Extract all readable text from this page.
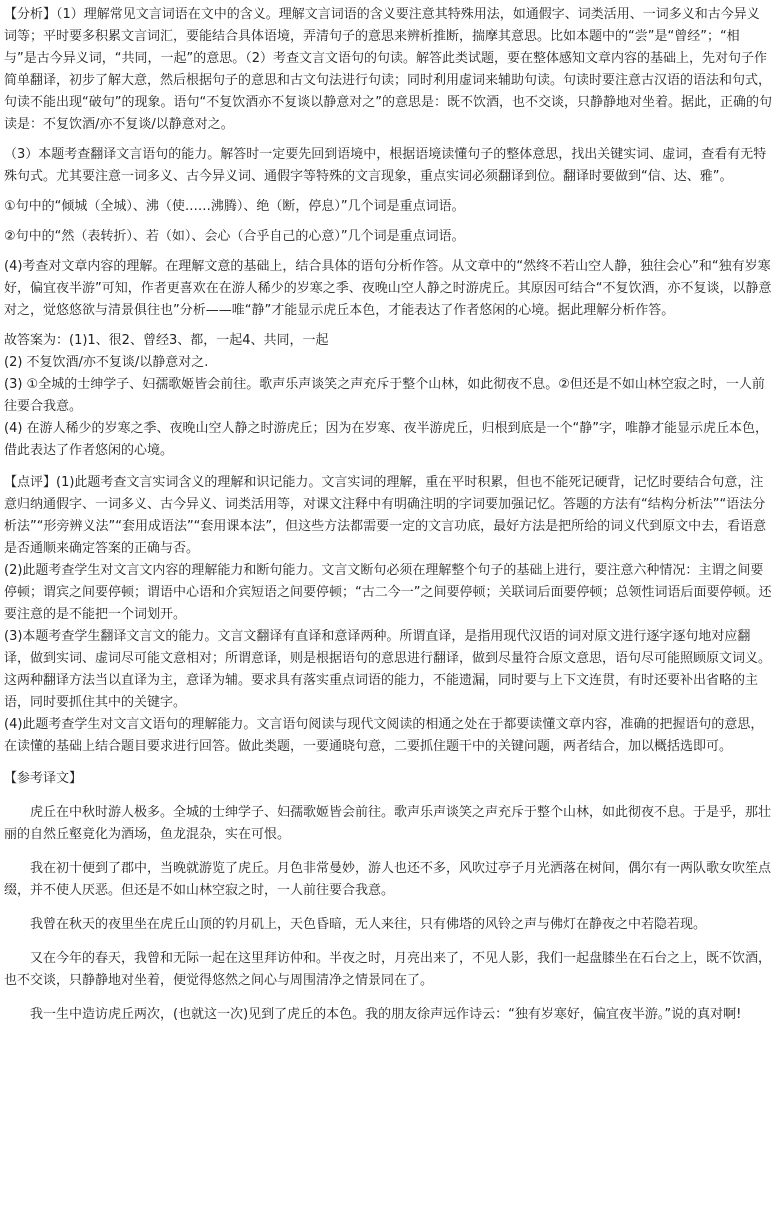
【分析】（1）理解常见文言词语在文中的含义。理解文言词语的含义要注意其特殊用法，如通假字、词类活用、一词多义和古今异义词等；平时要多积累文言词汇，要能结合具体语境，弄清句子的意思来辨析推断，揣摩其意思。比如本题中的“尝”是“曾经”；“相与”是古今异义词，“共同，一起”的意思。（2）考查文言文语句的句读。解答此类试题，要在整体感知文章内容的基础上，先对句子作简单翻译，初步了解大意，然后根据句子的意思和古文句法进行句读；同时利用虚词来辅助句读。句读时要注意古汉语的语法和句式，句读不能出现“破句”的现象。语句“不复饮酒亦不复谈以静意对之”的意思是：既不饮酒，也不交谈，只静静地对坐着。据此，正确的句读是：不复饮酒/亦不复谈/以静意对之。

（3）本题考查翻译文言语句的能力。解答时一定要先回到语境中，根据语境读懂句子的整体意思，找出关键实词、虚词，查看有无特殊句式。尤其要注意一词多义、古今异义词、通假字等特殊的文言现象，重点实词必须翻译到位。翻译时要做到“信、达、雅”。

①句中的“倾城（全城）、沸（使……沸腾）、绝（断，停息）”几个词是重点词语。

②句中的“然（表转折）、若（如）、会心（合乎自己的心意）”几个词是重点词语。

(4)考查对文章内容的理解。在理解文意的基础上，结合具体的语句分析作答。从文章中的“然终不若山空人静，独往会心”和“独有岁寒好，偏宜夜半游”可知，作者更喜欢在在游人稀少的岁寒之季、夜晚山空人静之时游虎丘。其原因可结合“不复饮酒，亦不复谈，以静意对之，觉悠悠欲与清景俱往也”分析——唯“静”才能显示虎丘本色，才能表达了作者悠闲的心境。据此理解分析作答。

故答案为：(1)1、很2、曾经3、都，一起4、共同，一起

(2) 不复饮酒/亦不复谈/以静意对之.

(3) ①全城的士绅学子、妇孺歌姬皆会前往。歌声乐声谈笑之声充斥于整个山林，如此彻夜不息。②但还是不如山林空寂之时，一人前往要合我意。

(4) 在游人稀少的岁寒之季、夜晚山空人静之时游虎丘；因为在岁寒、夜半游虎丘，归根到底是一个“静”字，唯静才能显示虎丘本色，借此表达了作者悠闲的心境。

【点评】(1)此题考查文言实词含义的理解和识记能力。文言实词的理解，重在平时积累，但也不能死记硬背，记忆时要结合句意，注意归纳通假字、一词多义、古今异义、词类活用等，对课文注释中有明确注明的字词要加强记忆。答题的方法有“结构分析法”“语法分析法”“形旁辨义法”“套用成语法”“套用课本法”，但这些方法都需要一定的文言功底，最好方法是把所给的词义代到原文中去，看语意是否通顺来确定答案的正确与否。

(2)此题考查学生对文言文内容的理解能力和断句能力。文言文断句必须在理解整个句子的基础上进行，要注意六种情况：主谓之间要停顿；谓宾之间要停顿；谓语中心语和介宾短语之间要停顿；“古二今一”之间要停顿；关联词后面要停顿；总领性词语后面要停顿。还要注意的是不能把一个词划开。

(3)本题考查学生翻译文言文的能力。文言文翻译有直译和意译两种。所谓直译，是指用现代汉语的词对原文进行逐字逐句地对应翻译，做到实词、虚词尽可能文意相对；所谓意译，则是根据语句的意思进行翻译，做到尽量符合原文意思，语句尽可能照顾原文词义。这两种翻译方法当以直译为主，意译为辅。要求具有落实重点词语的能力，不能遗漏，同时要与上下文连贯，有时还要补出省略的主语，同时要抓住其中的关键字。

(4)此题考查学生对文言文语句的理解能力。文言语句阅读与现代文阅读的相通之处在于都要读懂文章内容，准确的把握语句的意思，在读懂的基础上结合题目要求进行回答。做此类题，一要通晓句意，二要抓住题干中的关键问题，两者结合，加以概括选即可。

【参考译文】

虎丘在中秋时游人极多。全城的士绅学子、妇孺歌姬皆会前往。歌声乐声谈笑之声充斥于整个山林，如此彻夜不息。于是乎，那壮丽的自然丘壑竟化为酒场，鱼龙混杂，实在可恨。

我在初十便到了郡中，当晚就游览了虎丘。月色非常曼妙，游人也还不多，风吹过亭子月光洒落在树间，偶尔有一两队歌女吹笙点缀，并不使人厌恶。但还是不如山林空寂之时，一人前往要合我意。

我曾在秋天的夜里坐在虎丘山顶的钓月矶上，天色昏暗，无人来往，只有佛塔的风铃之声与佛灯在静夜之中若隐若现。

又在今年的春天，我曾和无际一起在这里拜访仲和。半夜之时，月亮出来了，不见人影，我们一起盘膝坐在石台之上，既不饮酒，也不交谈，只静静地对坐着，便觉得悠然之间心与周围清净之情景同在了。

我一生中造访虎丘两次，(也就这一次)见到了虎丘的本色。我的朋友徐声远作诗云：“独有岁寒好，偏宜夜半游。”说的真对啊!
